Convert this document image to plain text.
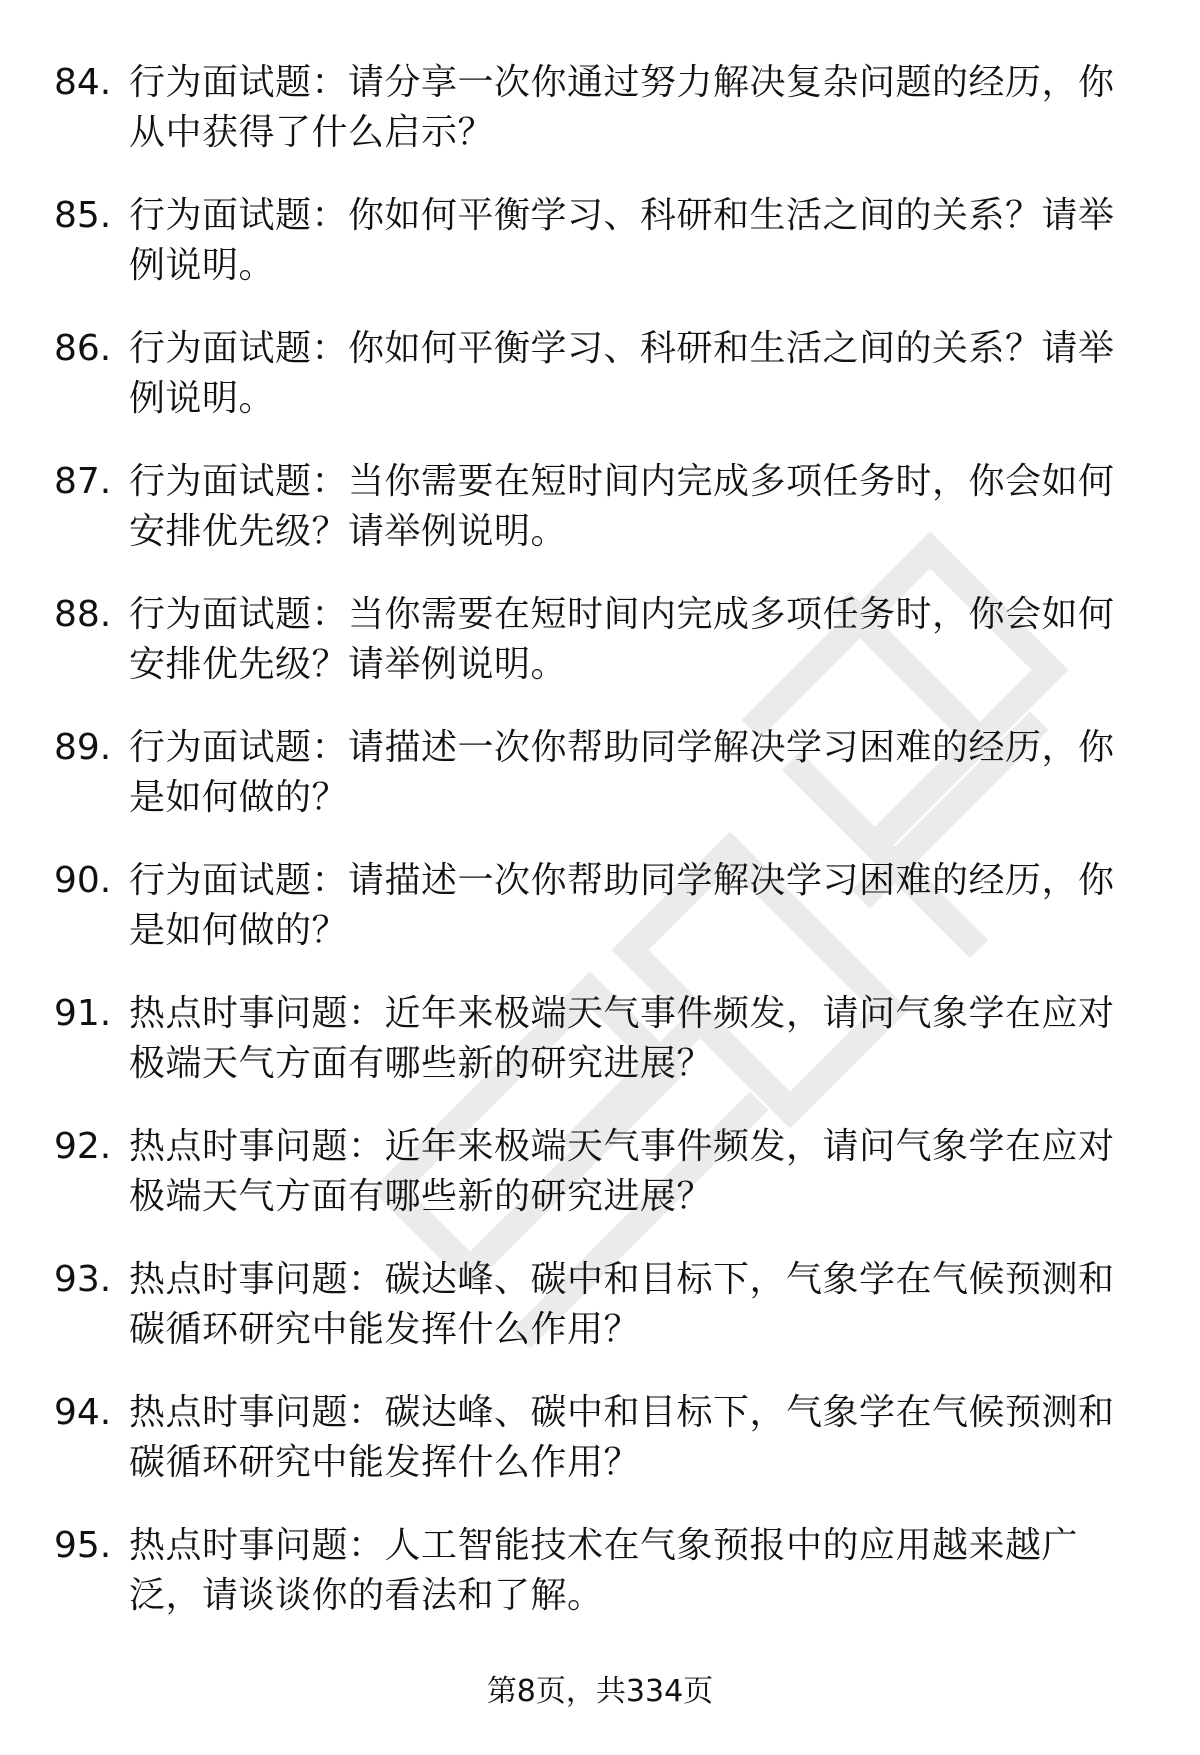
84. 行为面试题：请分享一次你通过努力解决复杂问题的经历，你从中获得了什么启示？
85. 行为面试题：你如何平衡学习、科研和生活之间的关系？请举例说明。
86. 行为面试题：你如何平衡学习、科研和生活之间的关系？请举例说明。
87. 行为面试题：当你需要在短时间内完成多项任务时，你会如何安排优先级？请举例说明。
88. 行为面试题：当你需要在短时间内完成多项任务时，你会如何安排优先级？请举例说明。
89. 行为面试题：请描述一次你帮助同学解决学习困难的经历，你是如何做的？
90. 行为面试题：请描述一次你帮助同学解决学习困难的经历，你是如何做的？
91. 热点时事问题：近年来极端天气事件频发，请问气象学在应对极端天气方面有哪些新的研究进展？
92. 热点时事问题：近年来极端天气事件频发，请问气象学在应对极端天气方面有哪些新的研究进展？
93. 热点时事问题：碳达峰、碳中和目标下，气象学在气候预测和碳循环研究中能发挥什么作用？
94. 热点时事问题：碳达峰、碳中和目标下，气象学在气候预测和碳循环研究中能发挥什么作用？
95. 热点时事问题：人工智能技术在气象预报中的应用越来越广泛，请谈谈你的看法和了解。
第8页，共334页
